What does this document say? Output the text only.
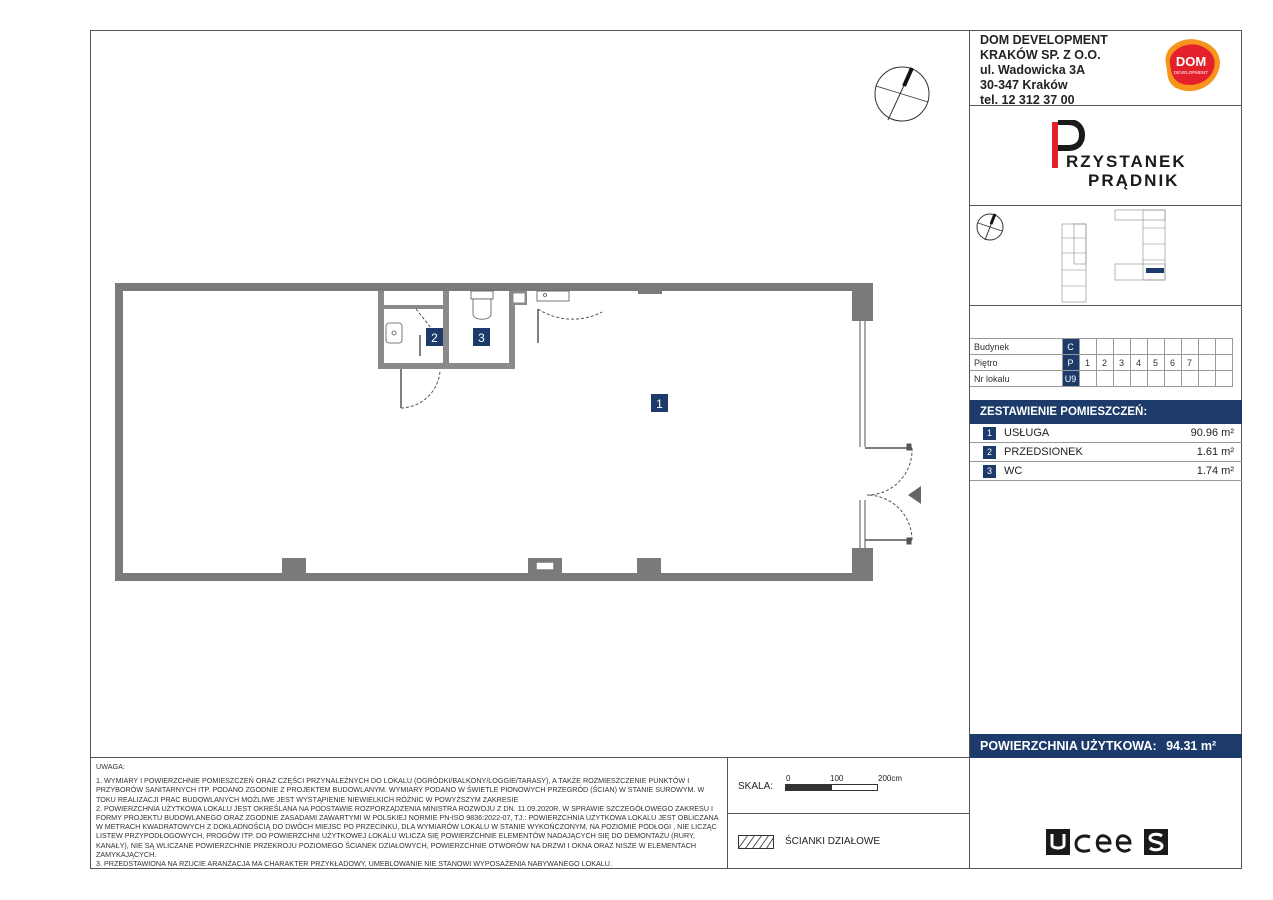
DOM DEVELOPMENT
KRAKÓW SP. Z O.O.
ul. Wadowicka 3A
30-347 Kraków
tel. 12 312 37 00
DOM
DEVELOPMENT
RZYSTANEK
PRĄDNIK
Budynek	C									
Piętro	P	1	2	3	4	5	6	7		
Nr lokalu	U9									
ZESTAWIENIE POMIESZCZEŃ:
1	USŁUGA	90.96 m²
2	PRZEDSIONEK	1.61 m²
3	WC	1.74 m²
POWIERZCHNIA UŻYTKOWA: 94.31 m²
UWAGA:
1. WYMIARY I POWIERZCHNIE POMIESZCZEŃ ORAZ CZĘŚCI PRZYNALEŻNYCH DO LOKALU (OGRÓDKI/BALKONY/LOGGIE/TARASY), A TAKŻE ROZMIESZCZENIE PUNKTÓW I PRZYBORÓW SANITARNYCH ITP. PODANO ZGODNIE Z PROJEKTEM BUDOWLANYM. WYMIARY PODANO W ŚWIETLE PIONOWYCH PRZEGRÓD (ŚCIAN) W STANIE SUROWYM. W TOKU REALIZACJI PRAC BUDOWLANYCH MOŻLIWE JEST WYSTĄPIENIE NIEWIELKICH RÓŻNIC W POWYŻSZYM ZAKRESIE
2. POWIERZCHNIA UŻYTKOWA LOKALU JEST OKREŚLANA NA PODSTAWIE ROZPORZĄDZENIA MINISTRA ROZWOJU Z DN. 11.09.2020R. W SPRAWIE SZCZEGÓŁOWEGO ZAKRESU I FORMY PROJEKTU BUDOWLANEGO ORAZ ZGODNIE ZASADAMI ZAWARTYMI W POLSKIEJ NORMIE PN-ISO 9836:2022-07, TJ.: POWIERZCHNIA UŻYTKOWA LOKALU JEST OBLICZANA W METRACH KWADRATOWYCH Z DOKŁADNOŚCIĄ DO DWÓCH MIEJSC PO PRZECINKU, DLA WYMIARÓW LOKALU W STANIE WYKOŃCZONYM, NA POZIOMIE PODŁOGI , NIE LICZĄC LISTEW PRZYPODŁOGOWYCH, PROGÓW ITP. DO POWIERZCHNI UŻYTKOWEJ LOKALU WLICZA SIĘ POWIERZCHNIE ELEMENTÓW NADAJĄCYCH SIĘ DO DEMONTAŻU (RURY, KANAŁY), NIE SĄ WLICZANE POWIERZCHNIE PRZEKROJU POZIOMEGO ŚCIANEK DZIAŁOWYCH, POWIERZCHNIE OTWORÓW NA DRZWI I OKNA ORAZ NISZE W ELEMENTACH ZAMYKAJĄCYCH.
3. PRZEDSTAWIONA NA RZUCIE ARANŻACJA MA CHARAKTER PRZYKŁADOWY, UMEBLOWANIE NIE STANOWI WYPOSAŻENIA NABYWANEGO LOKALU.
SKALA:
0	100	200cm
ŚCIANKI DZIAŁOWE
2	3
1
